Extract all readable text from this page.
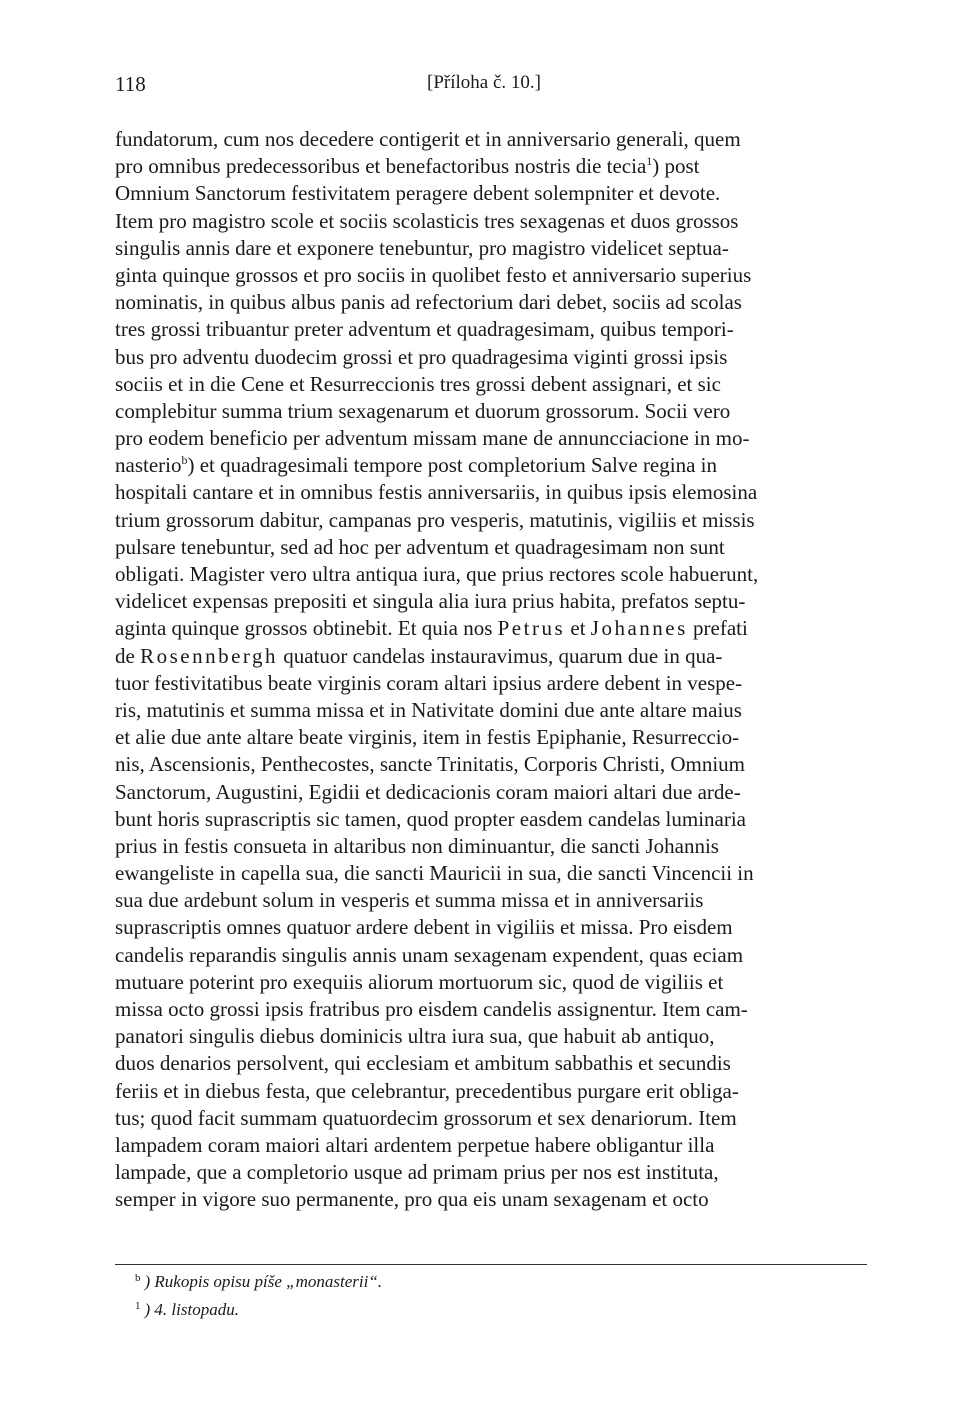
118	[Příloha č. 10.]
fundatorum, cum nos decedere contigerit et in anniversario generali, quem
pro omnibus predecessoribus et benefactoribus nostris die tecia$^1$) post
Omnium Sanctorum festivitatem peragere debent solempniter et devote.
Item pro magistro scole et sociis scolasticis tres sexagenas et duos grossos
singulis annis dare et exponere tenebuntur, pro magistro videlicet septua-
ginta quinque grossos et pro sociis in quolibet festo et anniversario superius
nominatis, in quibus albus panis ad refectorium dari debet, sociis ad scolas
tres grossi tribuantur preter adventum et quadragesimam, quibus tempori-
bus pro adventu duodecim grossi et pro quadragesima viginti grossi ipsis
sociis et in die Cene et Resurreccionis tres grossi debent assignari, et sic
complebitur summa trium sexagenarum et duorum grossorum. Socii vero
pro eodem beneficio per adventum missam mane de annuncciacione in mo-
nasterio$^b$) et quadragesimali tempore post completorium Salve regina in
hospitali cantare et in omnibus festis anniversariis, in quibus ipsis elemosina
trium grossorum dabitur, campanas pro vesperis, matutinis, vigiliis et missis
pulsare tenebuntur, sed ad hoc per adventum et quadragesimam non sunt
obligati. Magister vero ultra antiqua iura, que prius rectores scole habuerunt,
videlicet expensas prepositi et singula alia iura prius habita, prefatos septu-
aginta quinque grossos obtinebit. Et quia nos Petrus et Johannes prefati
de Rosennbergh quatuor candelas instauravimus, quarum due in qua-
tuor festivitatibus beate virginis coram altari ipsius ardere debent in vespe-
ris, matutinis et summa missa et in Nativitate domini due ante altare maius
et alie due ante altare beate virginis, item in festis Epiphanie, Resurreccio-
nis, Ascensionis, Penthecostes, sancte Trinitatis, Corporis Christi, Omnium
Sanctorum, Augustini, Egidii et dedicacionis coram maiori altari due arde-
bunt horis suprascriptis sic tamen, quod propter easdem candelas luminaria
prius in festis consueta in altaribus non diminuantur, die sancti Johannis
ewangeliste in capella sua, die sancti Mauricii in sua, die sancti Vincencii in
sua due ardebunt solum in vesperis et summa missa et in anniversariis
suprascriptis omnes quatuor ardere debent in vigiliis et missa. Pro eisdem
candelis reparandis singulis annis unam sexagenam expendent, quas eciam
mutuare poterint pro exequiis aliorum mortuorum sic, quod de vigiliis et
missa octo grossi ipsis fratribus pro eisdem candelis assignentur. Item cam-
panatori singulis diebus dominicis ultra iura sua, que habuit ab antiquo,
duos denarios persolvent, qui ecclesiam et ambitum sabbathis et secundis
feriis et in diebus festa, que celebrantur, precedentibus purgare erit obliga-
tus; quod facit summam quatuordecim grossorum et sex denariorum. Item
lampadem coram maiori altari ardentem perpetue habere obligantur illa
lampade, que a completorio usque ad primam prius per nos est instituta,
semper in vigore suo permanente, pro qua eis unam sexagenam et octo
$^b$ ) Rukopis opisu píše „monasterii“.
$^1$ ) 4. listopadu.
